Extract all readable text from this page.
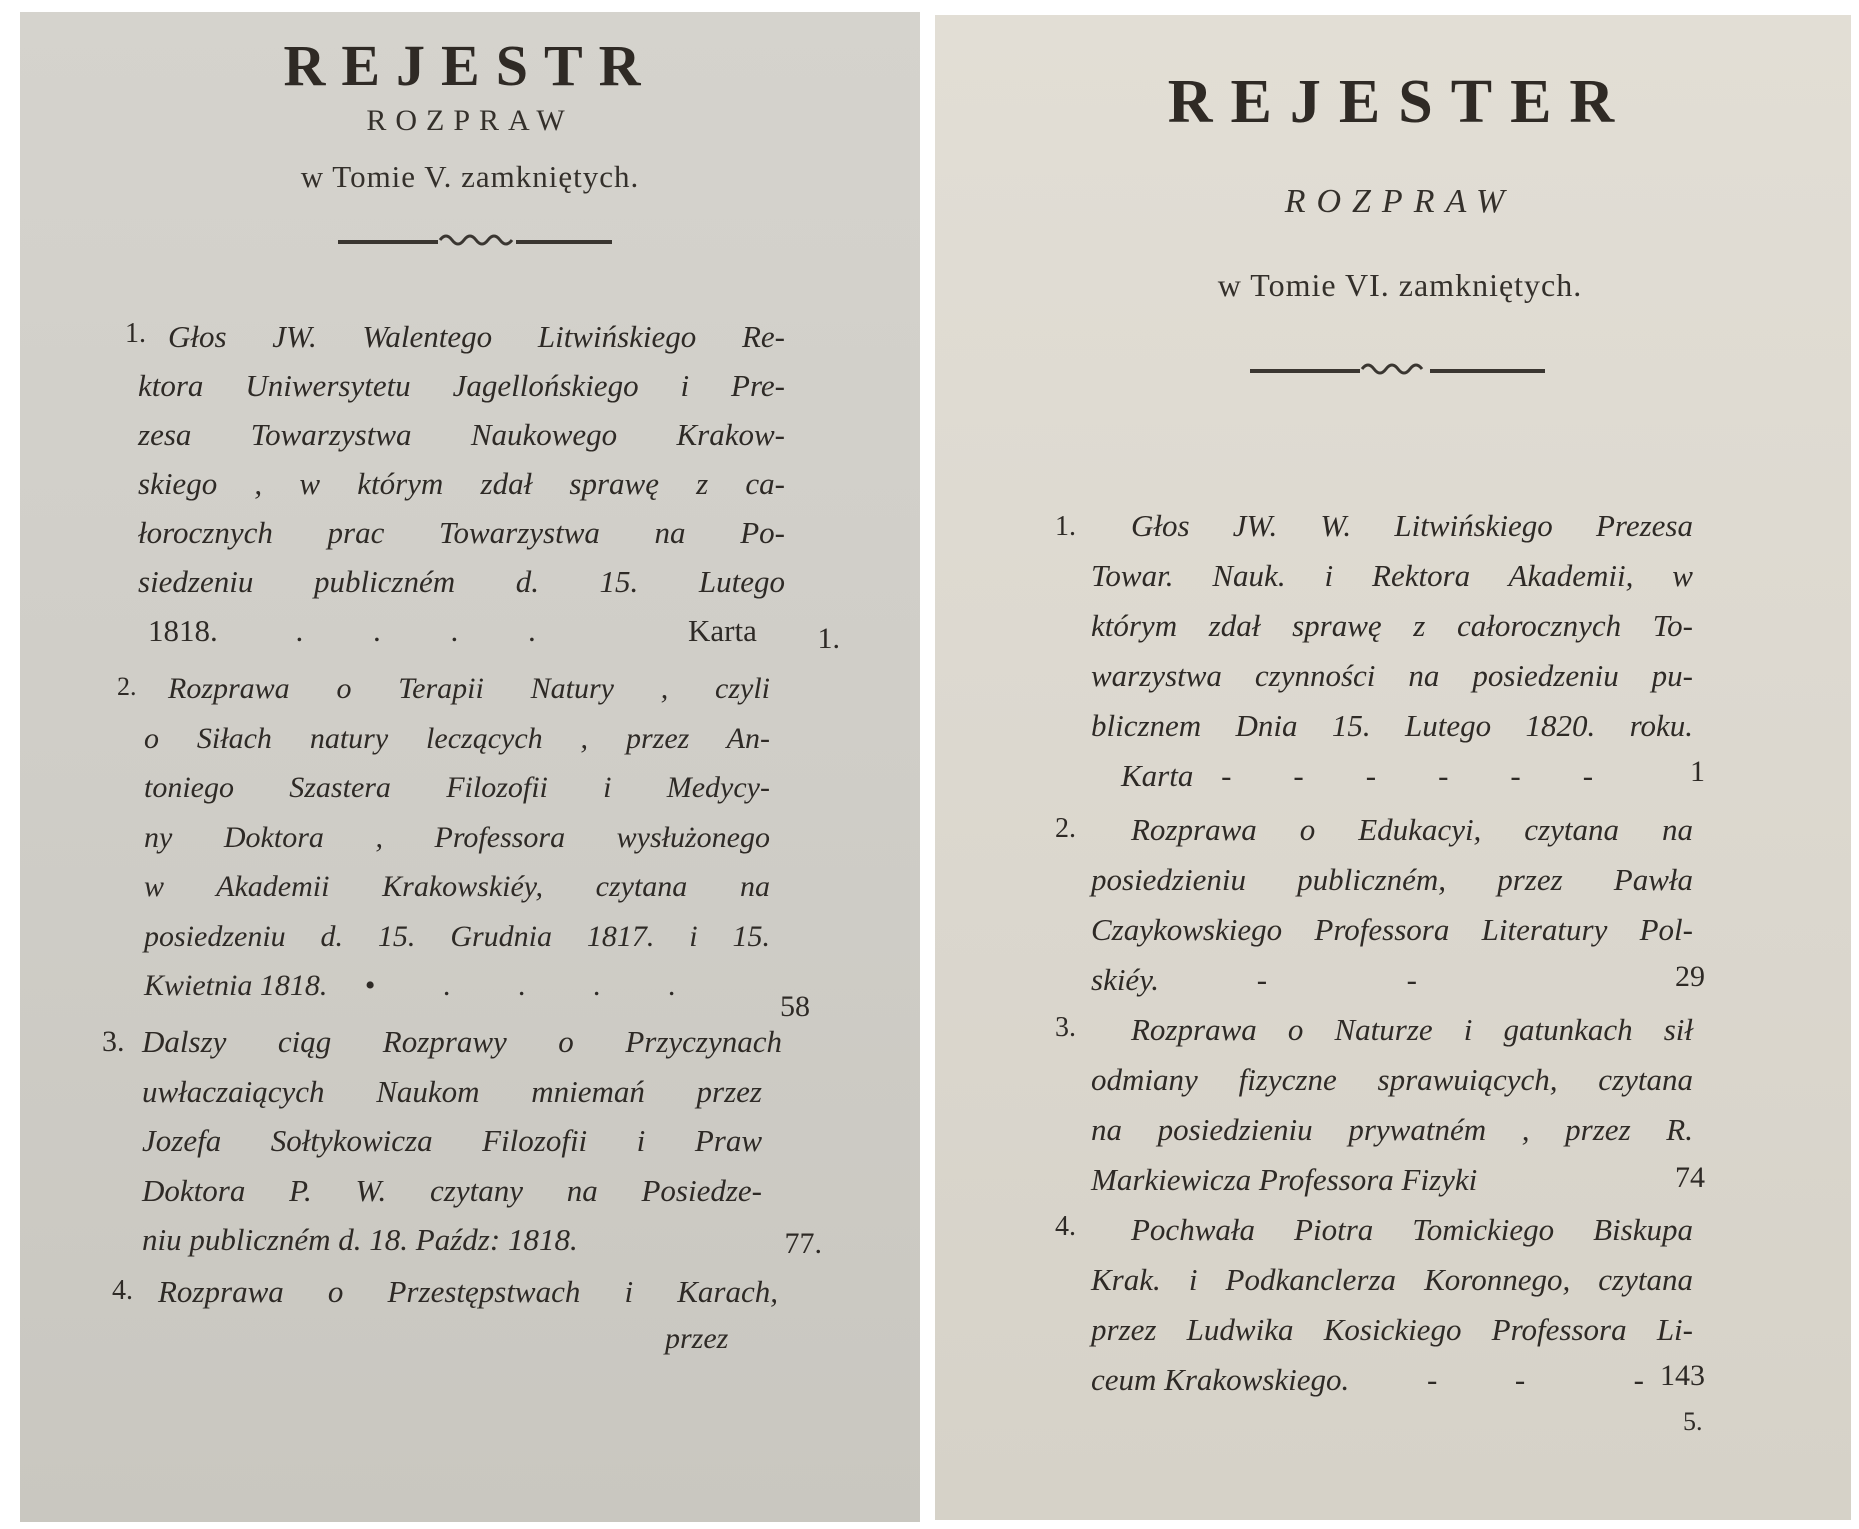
REJESTR
ROZPRAW
w Tomie V. zamkniętych.
1. Głos JW. Walentego Litwińskiego Re-
ktora Uniwersytetu Jagellońskiego i Pre-
zesa Towarzystwa Naukowego Krakow-
skiego , w którym zdał sprawę z ca-
łorocznych prac Towarzystwa na Po-
siedzeniu publiczném d. 15. Lutego
1818.	.         .         .         .	Karta	1.
2. Rozprawa o Terapii Natury , czyli
o Siłach natury leczących , przez An-
toniego Szastera Filozofii i Medycy-
ny Doktora , Professora wysłużonego
w Akademii Krakowskiéy, czytana na
posiedzeniu d. 15. Grudnia 1817. i 15.
Kwietnia 1818. •         .         .         .         .
58
3. Dalszy ciąg Rozprawy o Przyczynach
uwłaczaiących Naukom mniemań przez
Jozefa Sołtykowicza Filozofii i Praw
Doktora P. W. czytany na Posiedze-
niu publiczném d. 18. Paźdz: 1818.	77.
4. Rozprawa o Przestępstwach i Karach,
przez
REJESTER
ROZPRAW
w Tomie VI. zamkniętych.
1. Głos JW. W. Litwińskiego Prezesa
Towar. Nauk. i Rektora Akademii, w
którym zdał sprawę z całorocznych To-
warzystwa czynności na posiedzeniu pu-
blicznem Dnia 15. Lutego 1820. roku.
Karta -        -        -        -        -        -	1
2. Rozprawa o Edukacyi, czytana na
posiedzieniu publiczném, przez Pawła
Czaykowskiego Professora Literatury Pol-
skiéy.	-                  -	29
3. Rozprawa o Naturze i gatunkach sił
odmiany fizyczne sprawuiących, czytana
na posiedzieniu prywatném , przez R.
Markiewicza Professora Fizyki	74
4. Pochwała Piotra Tomickiego Biskupa
Krak. i Podkanclerza Koronnego, czytana
przez Ludwika Kosickiego Professora Li-
ceum Krakowskiego.	-          -              - 143
5.
